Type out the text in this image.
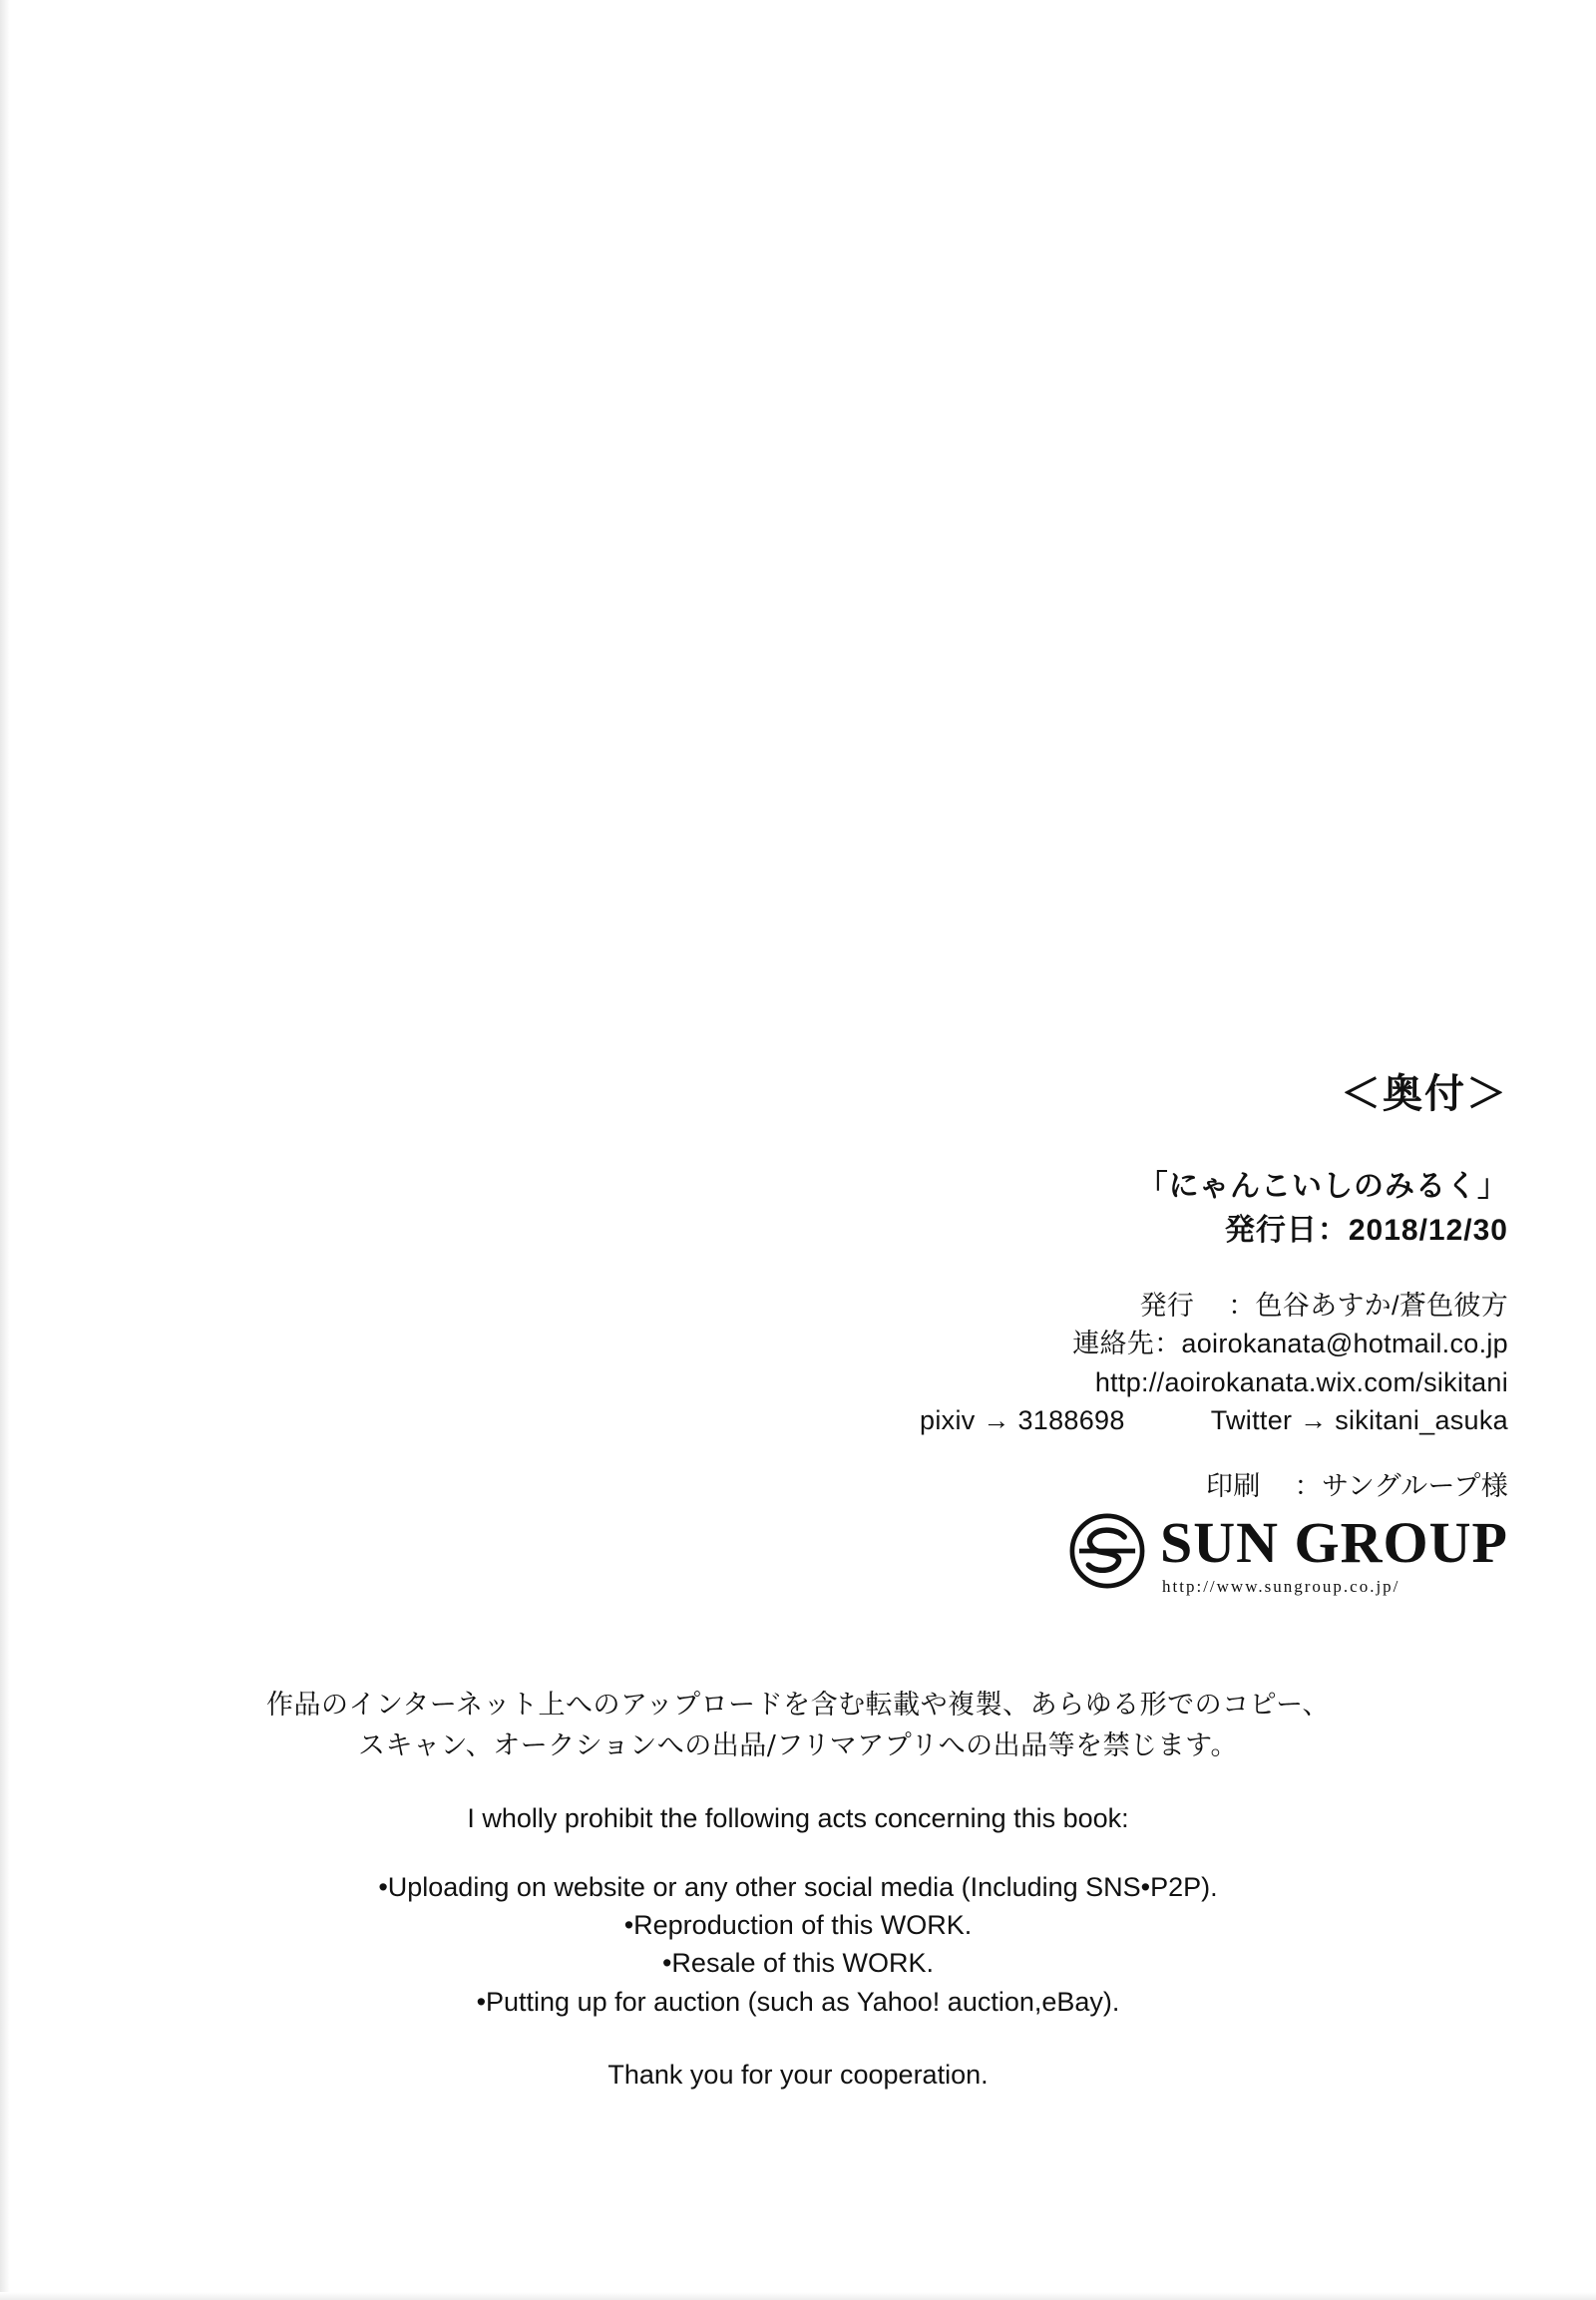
＜奥付＞
「にゃんこいしのみるく」
発行日：2018/12/30
発行 ：色谷あすか/蒼色彼方
連絡先：aoirokanata@hotmail.co.jp
http://aoirokanata.wix.com/sikitani
pixiv → 3188698	Twitter → sikitani_asuka
印刷 ：サングループ様
SUN GROUP
http://www.sungroup.co.jp/
作品のインターネット上へのアップロードを含む転載や複製、あらゆる形でのコピー、
スキャン、オークションへの出品/フリマアプリへの出品等を禁じます。
I wholly prohibit the following acts concerning this book:
•Uploading on website or any other social media (Including SNS•P2P).
•Reproduction of this WORK.
•Resale of this WORK.
•Putting up for auction (such as Yahoo! auction,eBay).
Thank you for your cooperation.
